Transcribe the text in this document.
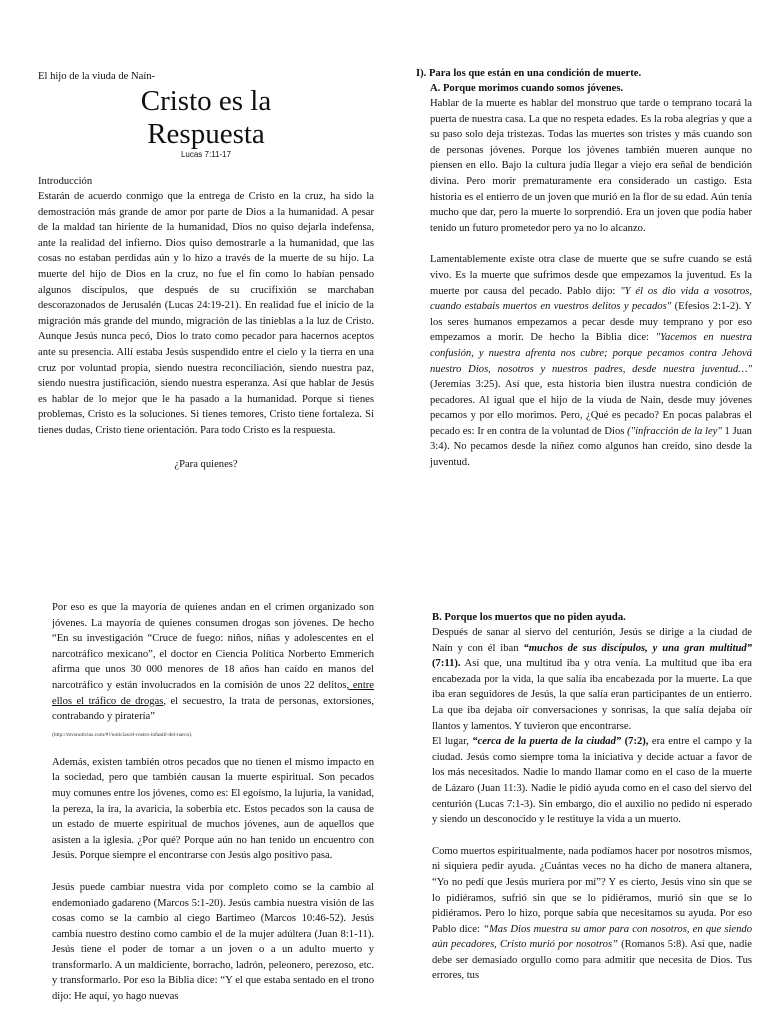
El hijo de la viuda de Naín-
Cristo es la
Respuesta
Lucas 7:11-17
Introducción

Estarán de acuerdo conmigo que la entrega de Cristo en la cruz, ha sido la demostración más grande de amor por parte de Dios a la humanidad. A pesar de la maldad tan hiriente de la humanidad, Dios no quiso dejarla indefensa, ante la realidad del infierno. Dios quiso demostrarle a la humanidad, que las cosas no estaban perdidas aún y lo hizo a través de la muerte de su hijo. La muerte del hijo de Dios en la cruz, no fue el fin como lo habían pensado algunos discípulos, que después de su crucifixión se marchaban descorazonados de Jerusalén (Lucas 24:19-21). En realidad fue el inicio de la migración más grande del mundo, migración de las tinieblas a la luz de Cristo. Aunque Jesús nunca pecó, Dios lo trato como pecador para hacernos aceptos ante su presencia. Allí estaba Jesús suspendido entre el cielo y la tierra en una cruz por voluntad propia, siendo nuestra reconciliación, siendo nuestra paz, siendo nuestra justificación, siendo nuestra esperanza. Así que hablar de Jesús es hablar de lo mejor que le ha pasado a la humanidad. Porque si tienes problemas, Cristo es la soluciones. Si tienes temores, Cristo tiene fortaleza. Si tienes dudas, Cristo tiene orientación. Para todo Cristo es la respuesta.

¿Para quienes?
I). Para los que están en una condición de muerte.
A. Porque morimos cuando somos jóvenes.

Hablar de la muerte es hablar del monstruo que tarde o temprano tocará la puerta de nuestra casa. La que no respeta edades. Es la roba alegrías y que a su paso solo deja tristezas. Todas las muertes son tristes y más cuando son de personas jóvenes. Porque los jóvenes también mueren aunque no piensen en ello. Bajo la cultura judía llegar a viejo era señal de bendición divina. Pero morir prematuramente era considerado un castigo. Esta historia es el entierro de un joven que murió en la flor de su edad. Aún tenía mucho que dar, pero la muerte lo sorprendió. Era un joven que podía haber tenido un futuro prometedor pero ya no lo alcanzo.

Lamentablemente existe otra clase de muerte que se sufre cuando se está vivo. Es la muerte que sufrimos desde que empezamos la juventud. Es la muerte por causa del pecado. Pablo dijo: "Y él os dio vida a vosotros, cuando estabais muertos en vuestros delitos y pecados" (Efesios 2:1-2). Y los seres humanos empezamos a pecar desde muy temprano y por eso empezamos a morir. De hecho la Biblia dice: "Yacemos en nuestra confusión, y nuestra afrenta nos cubre; porque pecamos contra Jehová nuestro Dios, nosotros y nuestros padres, desde nuestra juventud…" (Jeremías 3:25). Así que, esta historia bien ilustra nuestra condición de pecadores. Al igual que el hijo de la viuda de Naín, desde muy jóvenes pecamos y por ello morimos. Pero, ¿Qué es pecado? En pocas palabras el pecado es: Ir en contra de la voluntad de Dios ("infracción de la ley" 1 Juan 3:4). No pecamos desde la niñez como algunos han creído, sino desde la juventud.

Por eso es que la mayoría de quienes andan en el crimen organizado son jóvenes. La mayoría de quienes consumen drogas son jóvenes. De hecho “En su investigación “Cruce de fuego: niños, niñas y adolescentes en el narcotráfico mexicano”, el doctor en Ciencia Política Norberto Emmerich afirma que unos 30 000 menores de 18 años han caído en manos del narcotráfico y están involucrados en la comisión de unos 22 delitos, entre ellos el tráfico de drogas, el secuestro, la trata de personas, extorsiones, contrabando y piratería”

(http://mvsnoticias.com/#!/noticias/el-rostro-infantil-del-narco).

Además, existen también otros pecados que no tienen el mismo impacto en la sociedad, pero que también causan la muerte espiritual. Son pecados muy comunes entre los jóvenes, como es: El egoísmo, la lujuria, la vanidad, la pereza, la ira, la avaricia, la soberbia etc. Estos pecados son la causa de un estado de muerte espiritual de muchos jóvenes, aun de aquellos que asisten a la iglesia. ¿Por qué? Porque aún no han tenido un encuentro con Jesús. Porque siempre el encontrarse con Jesús algo positivo pasa.

Jesús puede cambiar nuestra vida por completo como se la cambio al endemoniado gadareno (Marcos 5:1-20). Jesús cambia nuestra visión de las cosas como se la cambio al ciego Bartimeo (Marcos 10:46-52). Jesús cambia nuestro destino como cambio el de la mujer adúltera (Juan 8:1-11). Jesús tiene el poder de tomar a un joven o a un adulto muerto y transformarlo. A un maldiciente, borracho, ladrón, peleonero, perezoso, etc. y transformarlo. Por eso la Biblia dice: “Y el que estaba sentado en el trono dijo: He aquí, yo hago nuevas

B. Porque los muertos que no piden ayuda.

Después de sanar al siervo del centurión, Jesús se dirige a la ciudad de Naín y con él iban “muchos de sus discípulos, y una gran multitud” (7:11). Así que, una multitud iba y otra venía. La multitud que iba era encabezada por la vida, la que salía iba encabezada por la muerte. La que iba eran seguidores de Jesús, la que salía eran participantes de un entierro. La que iba dejaba oír conversaciones y sonrisas, la que salía dejaba oír llantos y lamentos. Y tuvieron que encontrarse.

El lugar, “cerca de la puerta de la ciudad” (7:2), era entre el campo y la ciudad. Jesús como siempre toma la iniciativa y decide actuar a favor de los más necesitados. Nadie lo mando llamar como en el caso de la muerte de Lázaro (Juan 11:3). Nadie le pidió ayuda como en el caso del siervo del centurión (Lucas 7:1-3). Sin embargo, dio el auxilio no pedido ni esperado y siendo un desconocido y le restituye la vida a un muerto.

Como muertos espiritualmente, nada podíamos hacer por nosotros mismos, ni siquiera pedir ayuda. ¿Cuántas veces no ha dicho de manera altanera, “Yo no pedí que Jesús muriera por mí”? Y es cierto, Jesús vino sin que se lo pidiéramos, sufrió sin que se lo pidiéramos, murió sin que se lo pidiéramos. Pero lo hizo, porque sabía que necesitamos su ayuda. Por eso Pablo dice: “Mas Dios muestra su amor para con nosotros, en que siendo aún pecadores, Cristo murió por nosotros” (Romanos 5:8). Así que, nadie debe ser demasiado orgullo como para admitir que necesita de Dios. Tus errores, tus
